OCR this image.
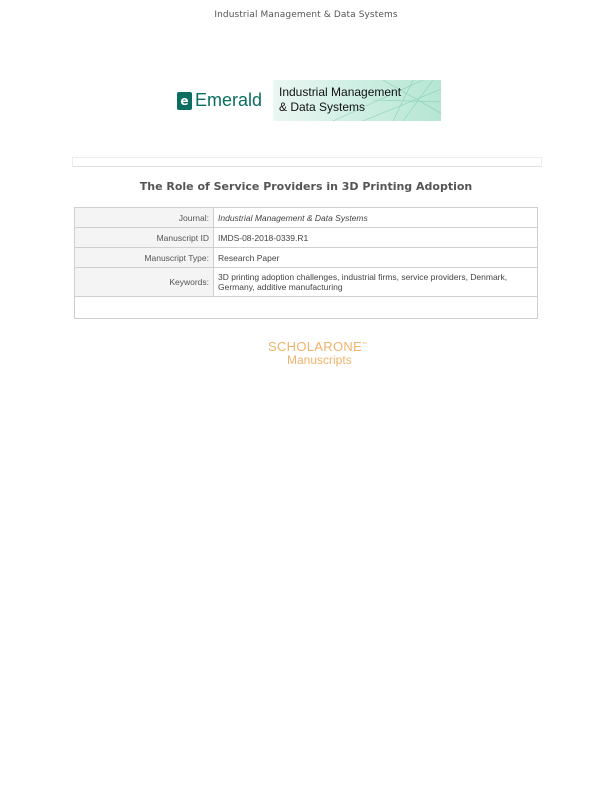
Industrial Management & Data Systems
e Emerald Industrial Management
& Data Systems
The Role of Service Providers in 3D Printing Adoption
Journal:	Industrial Management & Data Systems
Manuscript ID	IMDS-08-2018-0339.R1
Manuscript Type:	Research Paper
Keywords:	3D printing adoption challenges, industrial firms, service providers, Denmark, Germany, additive manufacturing

SCHOLARONE™
Manuscripts
